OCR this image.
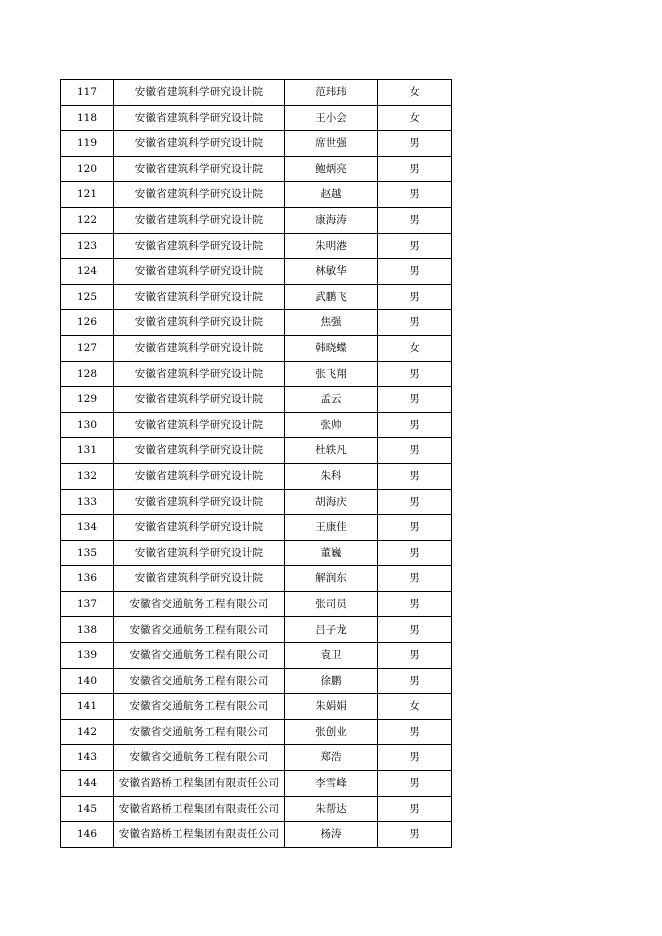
117	安徽省建筑科学研究设计院	范玮玮	女
118	安徽省建筑科学研究设计院	王小会	女
119	安徽省建筑科学研究设计院	席世强	男
120	安徽省建筑科学研究设计院	鲍炳亮	男
121	安徽省建筑科学研究设计院	赵越	男
122	安徽省建筑科学研究设计院	康海涛	男
123	安徽省建筑科学研究设计院	朱明港	男
124	安徽省建筑科学研究设计院	林敏华	男
125	安徽省建筑科学研究设计院	武鹏飞	男
126	安徽省建筑科学研究设计院	焦强	男
127	安徽省建筑科学研究设计院	韩晓蝶	女
128	安徽省建筑科学研究设计院	张飞翔	男
129	安徽省建筑科学研究设计院	孟云	男
130	安徽省建筑科学研究设计院	张帅	男
131	安徽省建筑科学研究设计院	杜轶凡	男
132	安徽省建筑科学研究设计院	朱科	男
133	安徽省建筑科学研究设计院	胡海庆	男
134	安徽省建筑科学研究设计院	王康佳	男
135	安徽省建筑科学研究设计院	董巍	男
136	安徽省建筑科学研究设计院	解润东	男
137	安徽省交通航务工程有限公司	张司员	男
138	安徽省交通航务工程有限公司	吕子龙	男
139	安徽省交通航务工程有限公司	袁卫	男
140	安徽省交通航务工程有限公司	徐鹏	男
141	安徽省交通航务工程有限公司	朱娟娟	女
142	安徽省交通航务工程有限公司	张创业	男
143	安徽省交通航务工程有限公司	郑浩	男
144	安徽省路桥工程集团有限责任公司	李雪峰	男
145	安徽省路桥工程集团有限责任公司	朱帮达	男
146	安徽省路桥工程集团有限责任公司	杨涛	男
